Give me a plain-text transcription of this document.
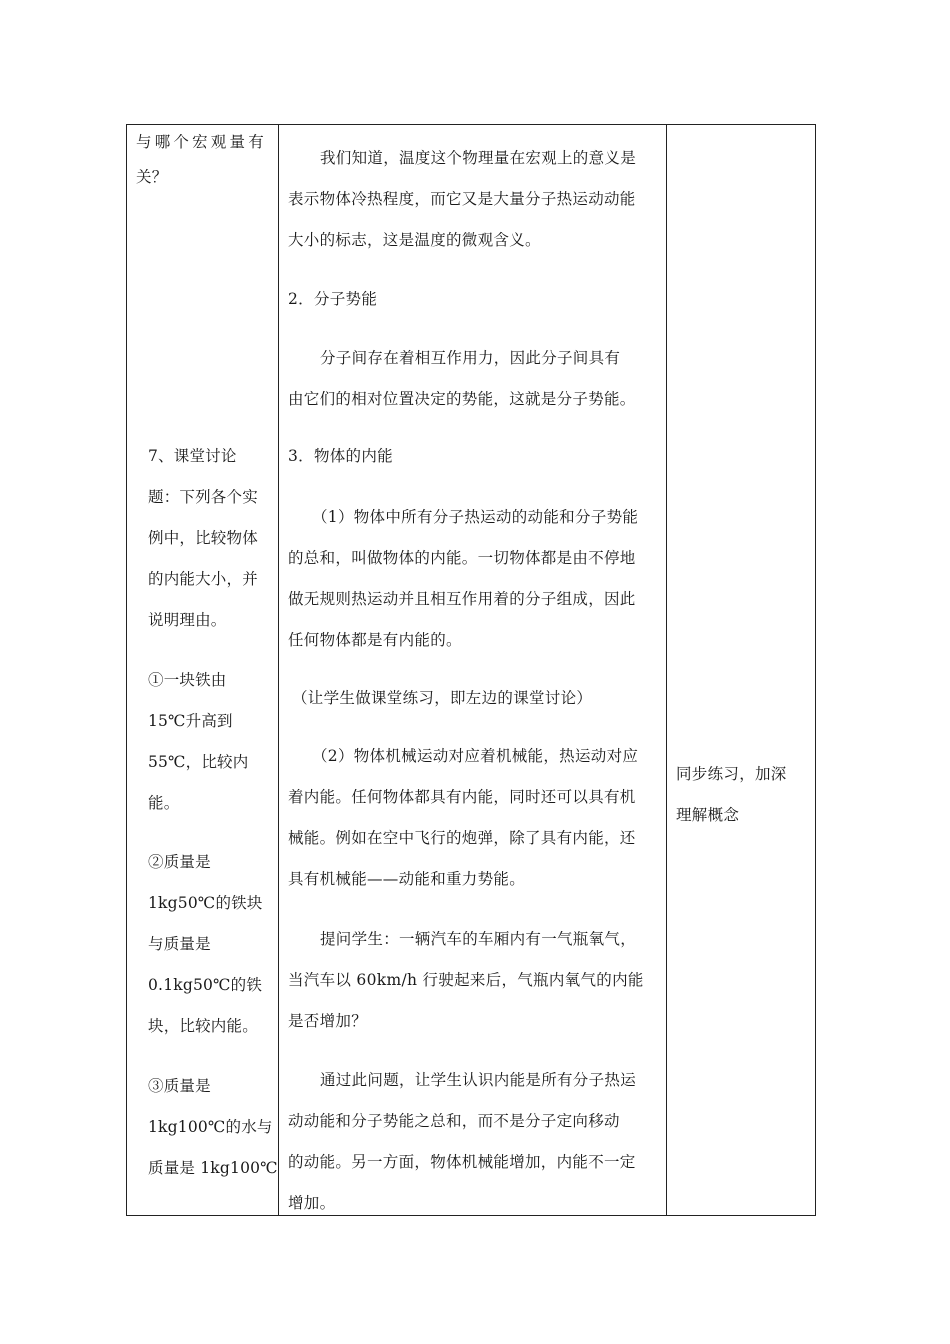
与哪个宏观量有
关？
7、课堂讨论
题：下列各个实
例中，比较物体
的内能大小，并
说明理由。
①一块铁由
15℃升高到
55℃，比较内
能。
②质量是
1kg50℃的铁块
与质量是
0.1kg50℃的铁
块，比较内能。
③质量是
1kg100℃的水与
质量是 1kg100℃
我们知道，温度这个物理量在宏观上的意义是
表示物体冷热程度，而它又是大量分子热运动动能
大小的标志，这是温度的微观含义。
2．分子势能
分子间存在着相互作用力，因此分子间具有
由它们的相对位置决定的势能，这就是分子势能。
3．物体的内能
（1）物体中所有分子热运动的动能和分子势能
的总和，叫做物体的内能。一切物体都是由不停地
做无规则热运动并且相互作用着的分子组成，因此
任何物体都是有内能的。
（让学生做课堂练习，即左边的课堂讨论）
（2）物体机械运动对应着机械能，热运动对应
着内能。任何物体都具有内能，同时还可以具有机
械能。例如在空中飞行的炮弹，除了具有内能，还
具有机械能——动能和重力势能。
提问学生：一辆汽车的车厢内有一气瓶氧气，
当汽车以 60km/h 行驶起来后，气瓶内氧气的内能
是否增加？
通过此问题，让学生认识内能是所有分子热运
动动能和分子势能之总和，而不是分子定向移动
的动能。另一方面，物体机械能增加，内能不一定
增加。
同步练习，加深
理解概念
